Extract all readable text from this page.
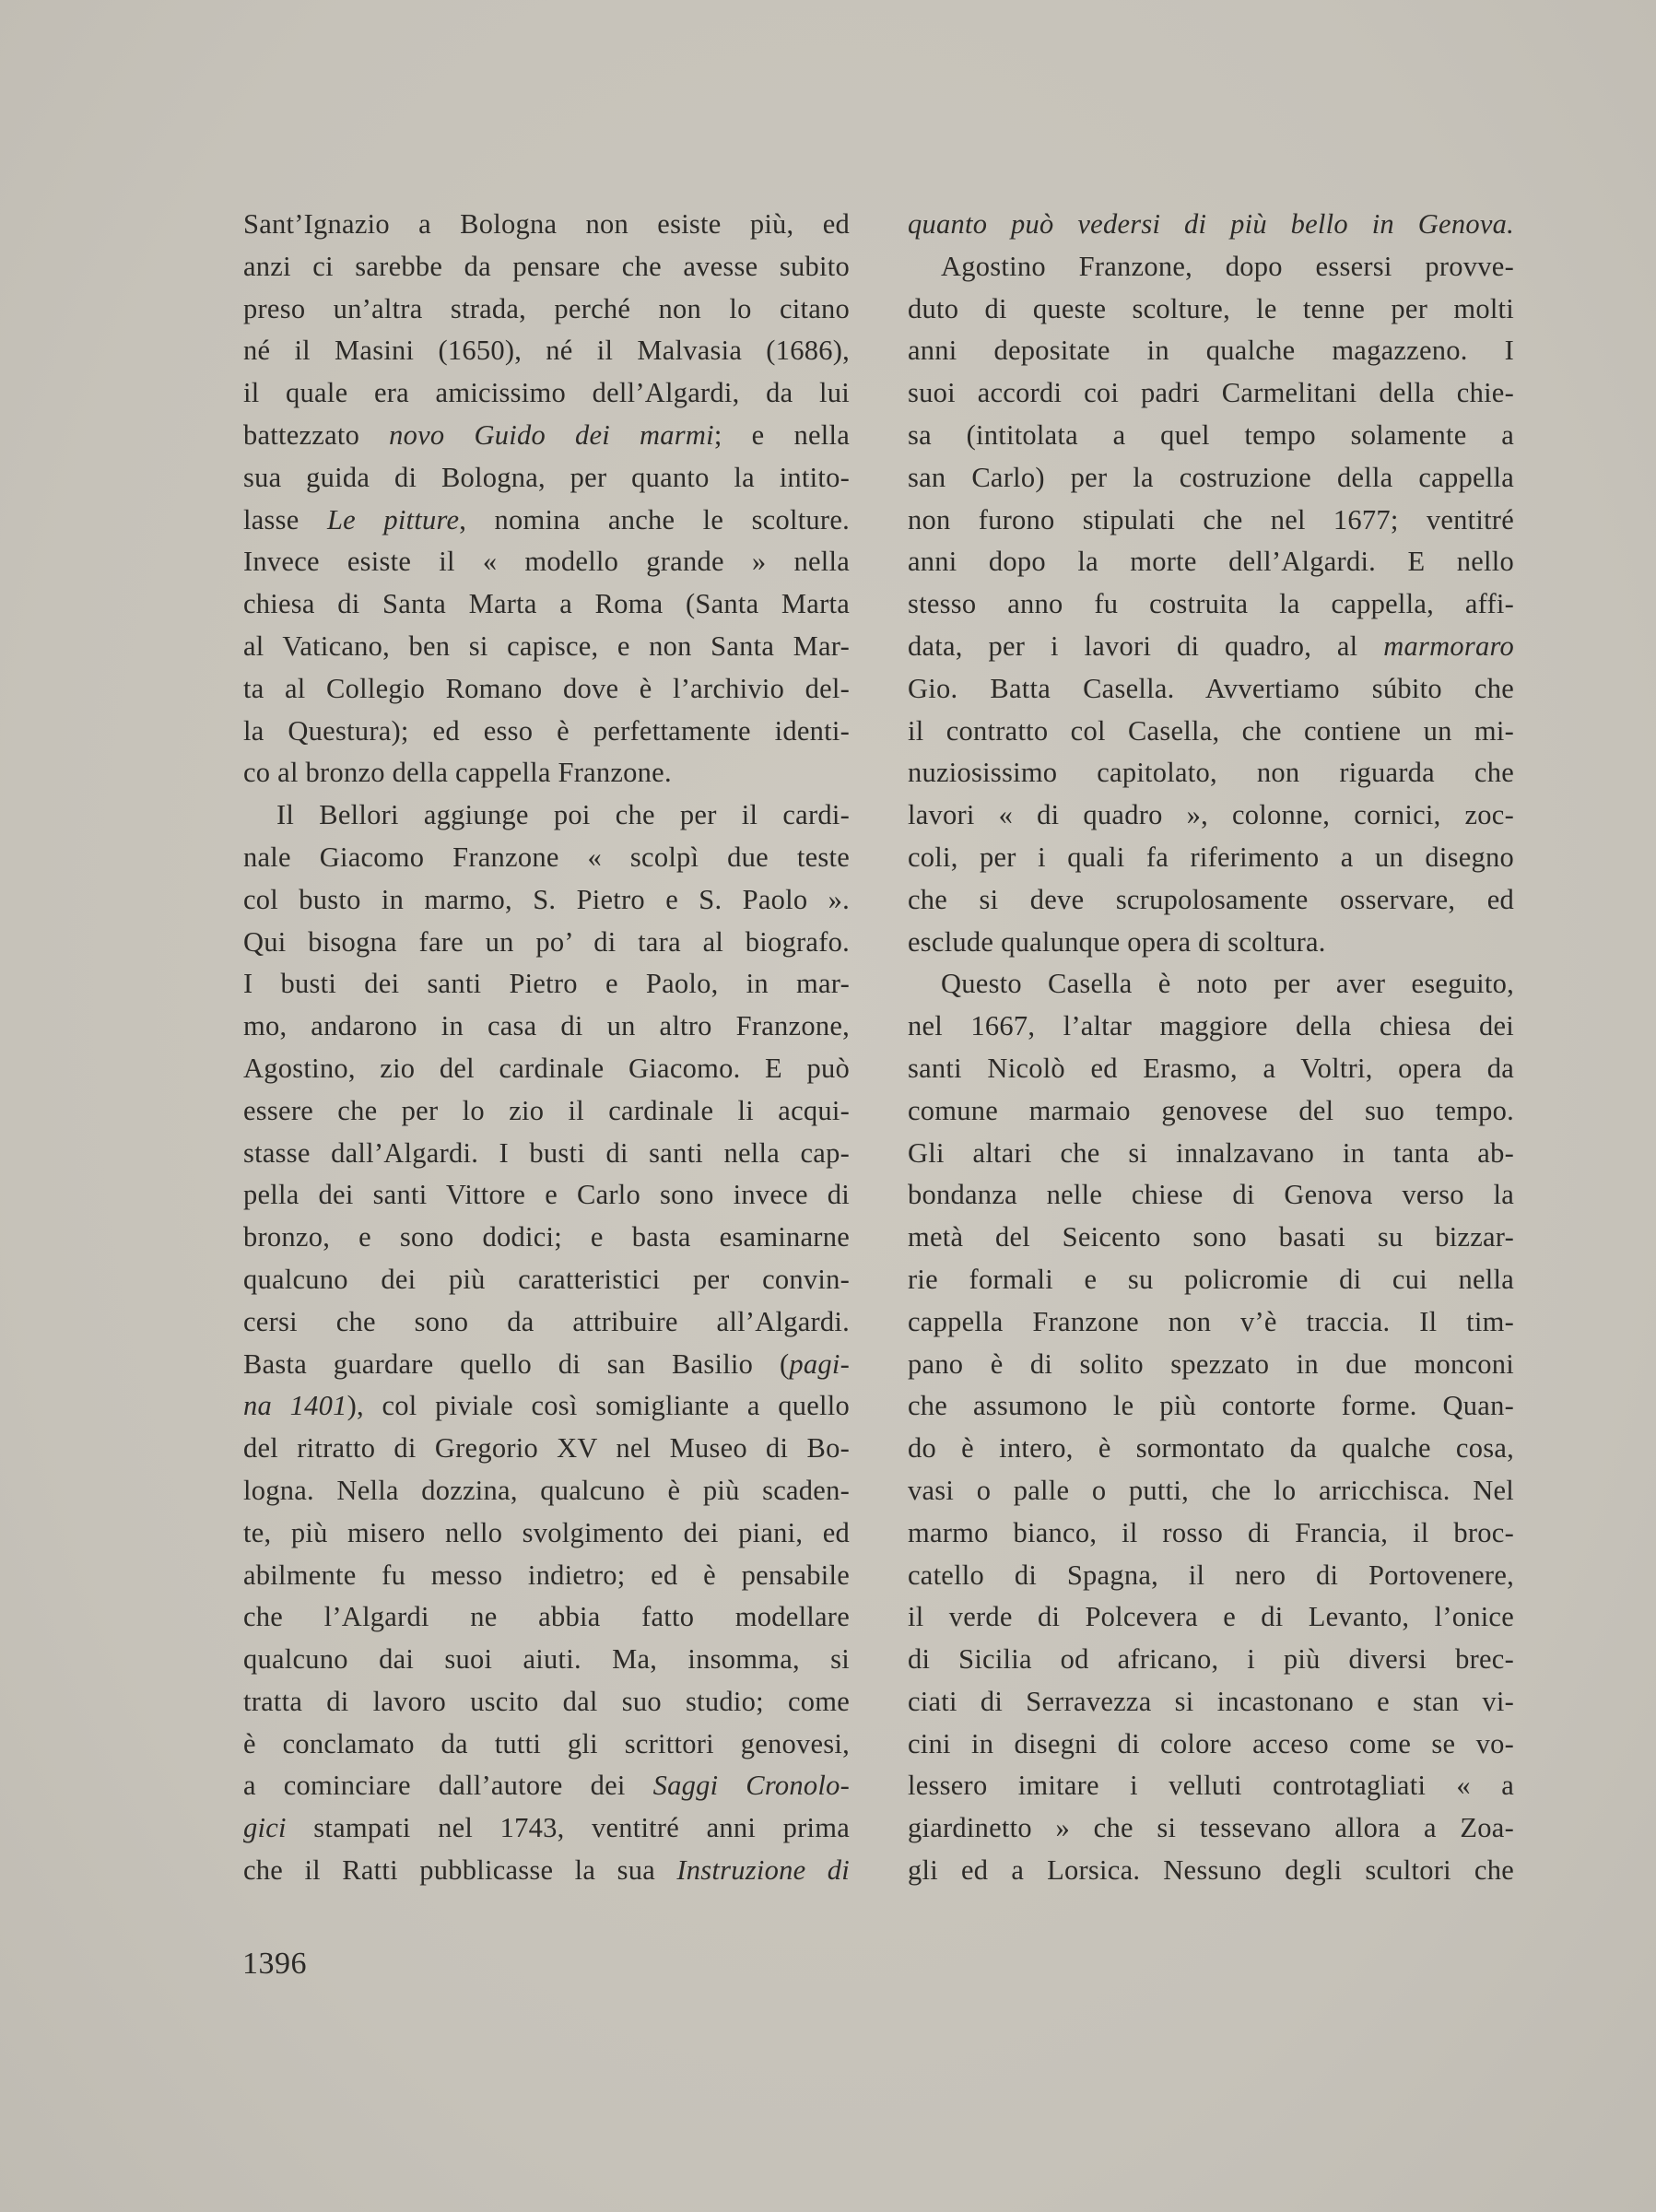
Sant’Ignazio a Bologna non esiste più, ed
anzi ci sarebbe da pensare che avesse subito
preso un’altra strada, perché non lo citano
né il Masini (1650), né il Malvasia (1686),
il quale era amicissimo dell’Algardi, da lui
battezzato novo Guido dei marmi; e nella
sua guida di Bologna, per quanto la intito-
lasse Le pitture, nomina anche le scolture.
Invece esiste il « modello grande » nella
chiesa di Santa Marta a Roma (Santa Marta
al Vaticano, ben si capisce, e non Santa Mar-
ta al Collegio Romano dove è l’archivio del-
la Questura); ed esso è perfettamente identi-
co al bronzo della cappella Franzone.
Il Bellori aggiunge poi che per il cardi-
nale Giacomo Franzone « scolpì due teste
col busto in marmo, S. Pietro e S. Paolo ».
Qui bisogna fare un po’ di tara al biografo.
I busti dei santi Pietro e Paolo, in mar-
mo, andarono in casa di un altro Franzone,
Agostino, zio del cardinale Giacomo. E può
essere che per lo zio il cardinale li acqui-
stasse dall’Algardi. I busti di santi nella cap-
pella dei santi Vittore e Carlo sono invece di
bronzo, e sono dodici; e basta esaminarne
qualcuno dei più caratteristici per convin-
cersi che sono da attribuire all’Algardi.
Basta guardare quello di san Basilio (pagi-
na 1401), col piviale così somigliante a quello
del ritratto di Gregorio XV nel Museo di Bo-
logna. Nella dozzina, qualcuno è più scaden-
te, più misero nello svolgimento dei piani, ed
abilmente fu messo indietro; ed è pensabile
che l’Algardi ne abbia fatto modellare
qualcuno dai suoi aiuti. Ma, insomma, si
tratta di lavoro uscito dal suo studio; come
è conclamato da tutti gli scrittori genovesi,
a cominciare dall’autore dei Saggi Cronolo-
gici stampati nel 1743, ventitré anni prima
che il Ratti pubblicasse la sua Instruzione di
quanto può vedersi di più bello in Genova.
Agostino Franzone, dopo essersi provve-
duto di queste scolture, le tenne per molti
anni depositate in qualche magazzeno. I
suoi accordi coi padri Carmelitani della chie-
sa (intitolata a quel tempo solamente a
san Carlo) per la costruzione della cappella
non furono stipulati che nel 1677; ventitré
anni dopo la morte dell’Algardi. E nello
stesso anno fu costruita la cappella, affi-
data, per i lavori di quadro, al marmoraro
Gio. Batta Casella. Avvertiamo súbito che
il contratto col Casella, che contiene un mi-
nuziosissimo capitolato, non riguarda che
lavori « di quadro », colonne, cornici, zoc-
coli, per i quali fa riferimento a un disegno
che si deve scrupolosamente osservare, ed
esclude qualunque opera di scoltura.
Questo Casella è noto per aver eseguito,
nel 1667, l’altar maggiore della chiesa dei
santi Nicolò ed Erasmo, a Voltri, opera da
comune marmaio genovese del suo tempo.
Gli altari che si innalzavano in tanta ab-
bondanza nelle chiese di Genova verso la
metà del Seicento sono basati su bizzar-
rie formali e su policromie di cui nella
cappella Franzone non v’è traccia. Il tim-
pano è di solito spezzato in due monconi
che assumono le più contorte forme. Quan-
do è intero, è sormontato da qualche cosa,
vasi o palle o putti, che lo arricchisca. Nel
marmo bianco, il rosso di Francia, il broc-
catello di Spagna, il nero di Portovenere,
il verde di Polcevera e di Levanto, l’onice
di Sicilia od africano, i più diversi brec-
ciati di Serravezza si incastonano e stan vi-
cini in disegni di colore acceso come se vo-
lessero imitare i velluti controtagliati « a
giardinetto » che si tessevano allora a Zoa-
gli ed a Lorsica. Nessuno degli scultori che
1396
